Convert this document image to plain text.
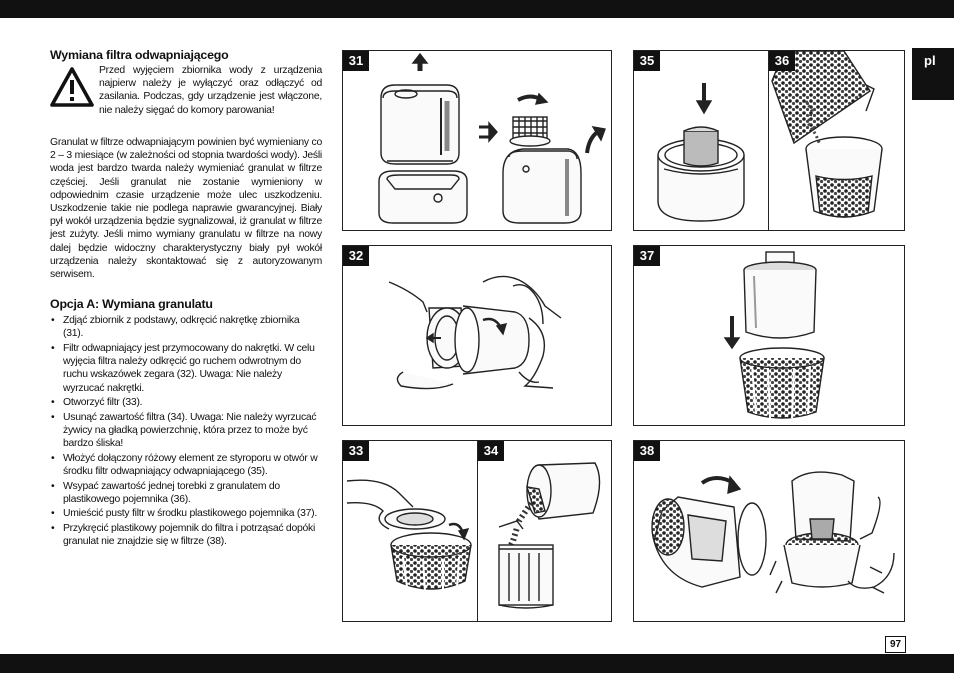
pl
97
Wymiana filtra odwapniającego
Przed wyjęciem zbiornika wody z urządzenia najpierw należy je wyłączyć oraz odłączyć od zasilania. Podczas, gdy urządzenie jest włączone, nie należy sięgać do komory parowania!
Granulat w filtrze odwapniającym powinien być wymieniany co 2 – 3 miesiące (w zależności od stopnia twardości wody). Jeśli woda jest bardzo twarda należy wymieniać granulat w filtrze częściej. Jeśli granulat nie zostanie wymieniony w odpowiednim czasie urządzenie może ulec uszkodzeniu. Uszkodzenie takie nie podlega naprawie gwarancyjnej. Biały pył wokół urządzenia będzie sygnalizował, iż granulat w filtrze jest zużyty. Jeśli mimo wymiany granulatu w filtrze na nowy dalej będzie widoczny charakterystyczny biały pył wokół urządzenia należy skontaktować się z autoryzowanym serwisem.
Opcja A: Wymiana granulatu
• Zdjąć zbiornik z podstawy, odkręcić nakrętkę zbiornika (31).
• Filtr odwapniający jest przymocowany do nakrętki. W celu wyjęcia filtra należy odkręcić go ruchem odwrotnym do ruchu wskazówek zegara (32). Uwaga: Nie należy wyrzucać nakrętki.
• Otworzyć filtr (33).
• Usunąć zawartość filtra (34). Uwaga: Nie należy wyrzucać żywicy na gładką powierzchnię, która przez to może być bardzo śliska!
• Włożyć dołączony różowy element ze styroporu w otwór w środku filtr odwapniający odwapniającego (35).
• Wsypać zawartość jednej torebki z granulatem do plastikowego pojemnika (36).
• Umieścić pusty filtr w środku plastikowego pojemnika (37).
• Przykręcić plastikowy pojemnik do filtra i potrząsać dopóki granulat nie znajdzie się w filtrze (38).
31	35	36
32	37
33	34	38
